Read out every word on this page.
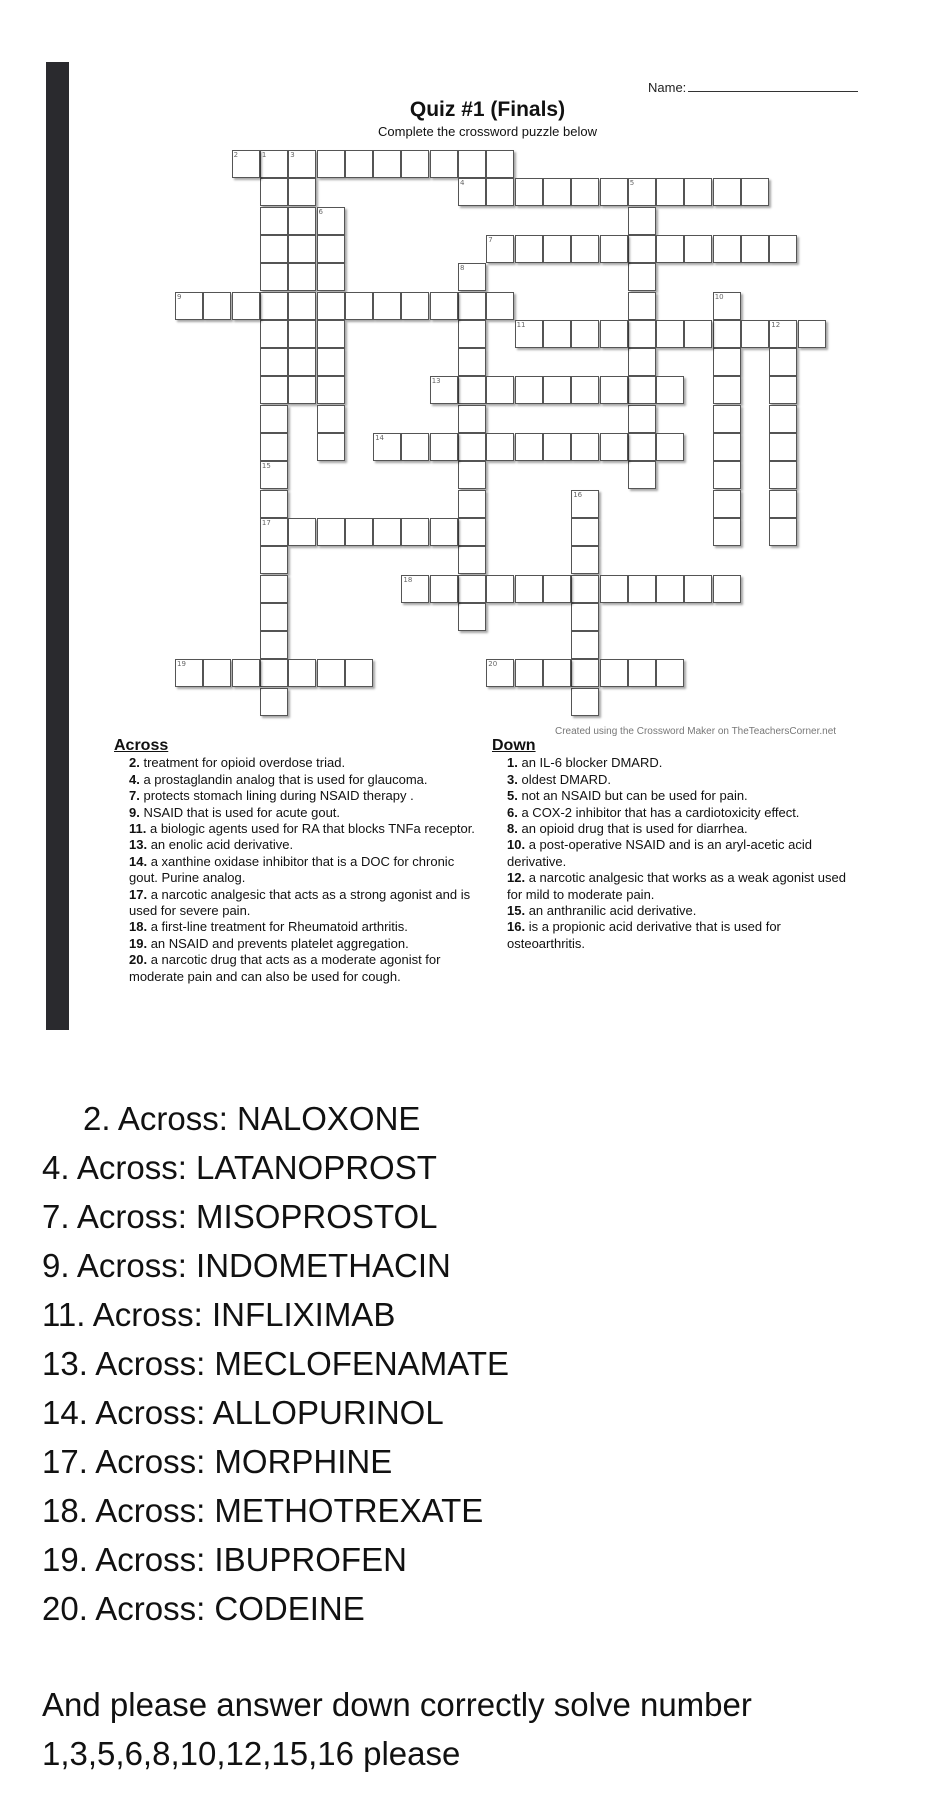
Name:
Quiz #1 (Finals)
Complete the crossword puzzle below
1	3
4	5
6
7
8
9	10
11	12
13
14
15
17
16
18
19	20
2
Created using the Crossword Maker on TheTeachersCorner.net
Across
2. treatment for opioid overdose triad.
4. a prostaglandin analog that is used for glaucoma.
7. protects stomach lining during NSAID therapy .
9. NSAID that is used for acute gout.
11. a biologic agents used for RA that blocks TNFa receptor.
13. an enolic acid derivative.
14. a xanthine oxidase inhibitor that is a DOC for chronic gout. Purine analog.
17. a narcotic analgesic that acts as a strong agonist and is used for severe pain.
18. a first-line treatment for Rheumatoid arthritis.
19. an NSAID and prevents platelet aggregation.
20. a narcotic drug that acts as a moderate agonist for moderate pain and can also be used for cough.
Down
1. an IL-6 blocker DMARD.
3. oldest DMARD.
5. not an NSAID but can be used for pain.
6. a COX-2 inhibitor that has a cardiotoxicity effect.
8. an opioid drug that is used for diarrhea.
10. a post-operative NSAID and is an aryl-acetic acid derivative.
12. a narcotic analgesic that works as a weak agonist used for mild to moderate pain.
15. an anthranilic acid derivative.
16. is a propionic acid derivative that is used for osteoarthritis.
2. Across: NALOXONE
4. Across: LATANOPROST
7. Across: MISOPROSTOL
9. Across: INDOMETHACIN
11. Across: INFLIXIMAB
13. Across: MECLOFENAMATE
14. Across: ALLOPURINOL
17. Across: MORPHINE
18. Across: METHOTREXATE
19. Across: IBUPROFEN
20. Across: CODEINE
And please answer down correctly solve number 1,3,5,6,8,10,12,15,16 please
